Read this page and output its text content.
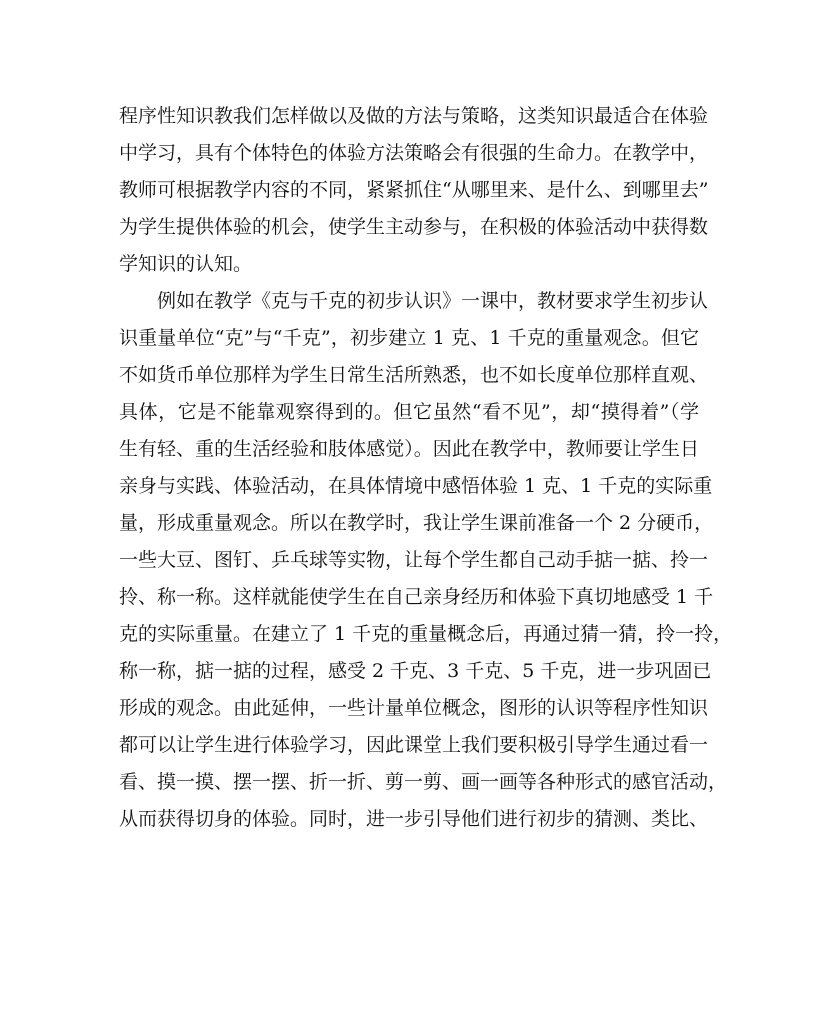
程序性知识教我们怎样做以及做的方法与策略，这类知识最适合在体验
中学习，具有个体特色的体验方法策略会有很强的生命力。在教学中，
教师可根据教学内容的不同，紧紧抓住“从哪里来、是什么、到哪里去”
为学生提供体验的机会，使学生主动参与，在积极的体验活动中获得数
学知识的认知。
　　例如在教学《克与千克的初步认识》一课中，教材要求学生初步认
识重量单位“克”与“千克”，初步建立 1 克、1 千克的重量观念。但它
不如货币单位那样为学生日常生活所熟悉，也不如长度单位那样直观、
具体，它是不能靠观察得到的。但它虽然“看不见”，却“摸得着”（学
生有轻、重的生活经验和肢体感觉）。因此在教学中，教师要让学生日
亲身与实践、体验活动，在具体情境中感悟体验 1 克、1 千克的实际重
量，形成重量观念。所以在教学时，我让学生课前准备一个 2 分硬币，
一些大豆、图钉、乒乓球等实物，让每个学生都自己动手掂一掂、拎一
拎、称一称。这样就能使学生在自己亲身经历和体验下真切地感受 1 千
克的实际重量。在建立了 1 千克的重量概念后，再通过猜一猜，拎一拎，
称一称，掂一掂的过程，感受 2 千克、3 千克、5 千克，进一步巩固已
形成的观念。由此延伸，一些计量单位概念，图形的认识等程序性知识
都可以让学生进行体验学习，因此课堂上我们要积极引导学生通过看一
看、摸一摸、摆一摆、折一折、剪一剪、画一画等各种形式的感官活动，
从而获得切身的体验。同时，进一步引导他们进行初步的猜测、类比、
